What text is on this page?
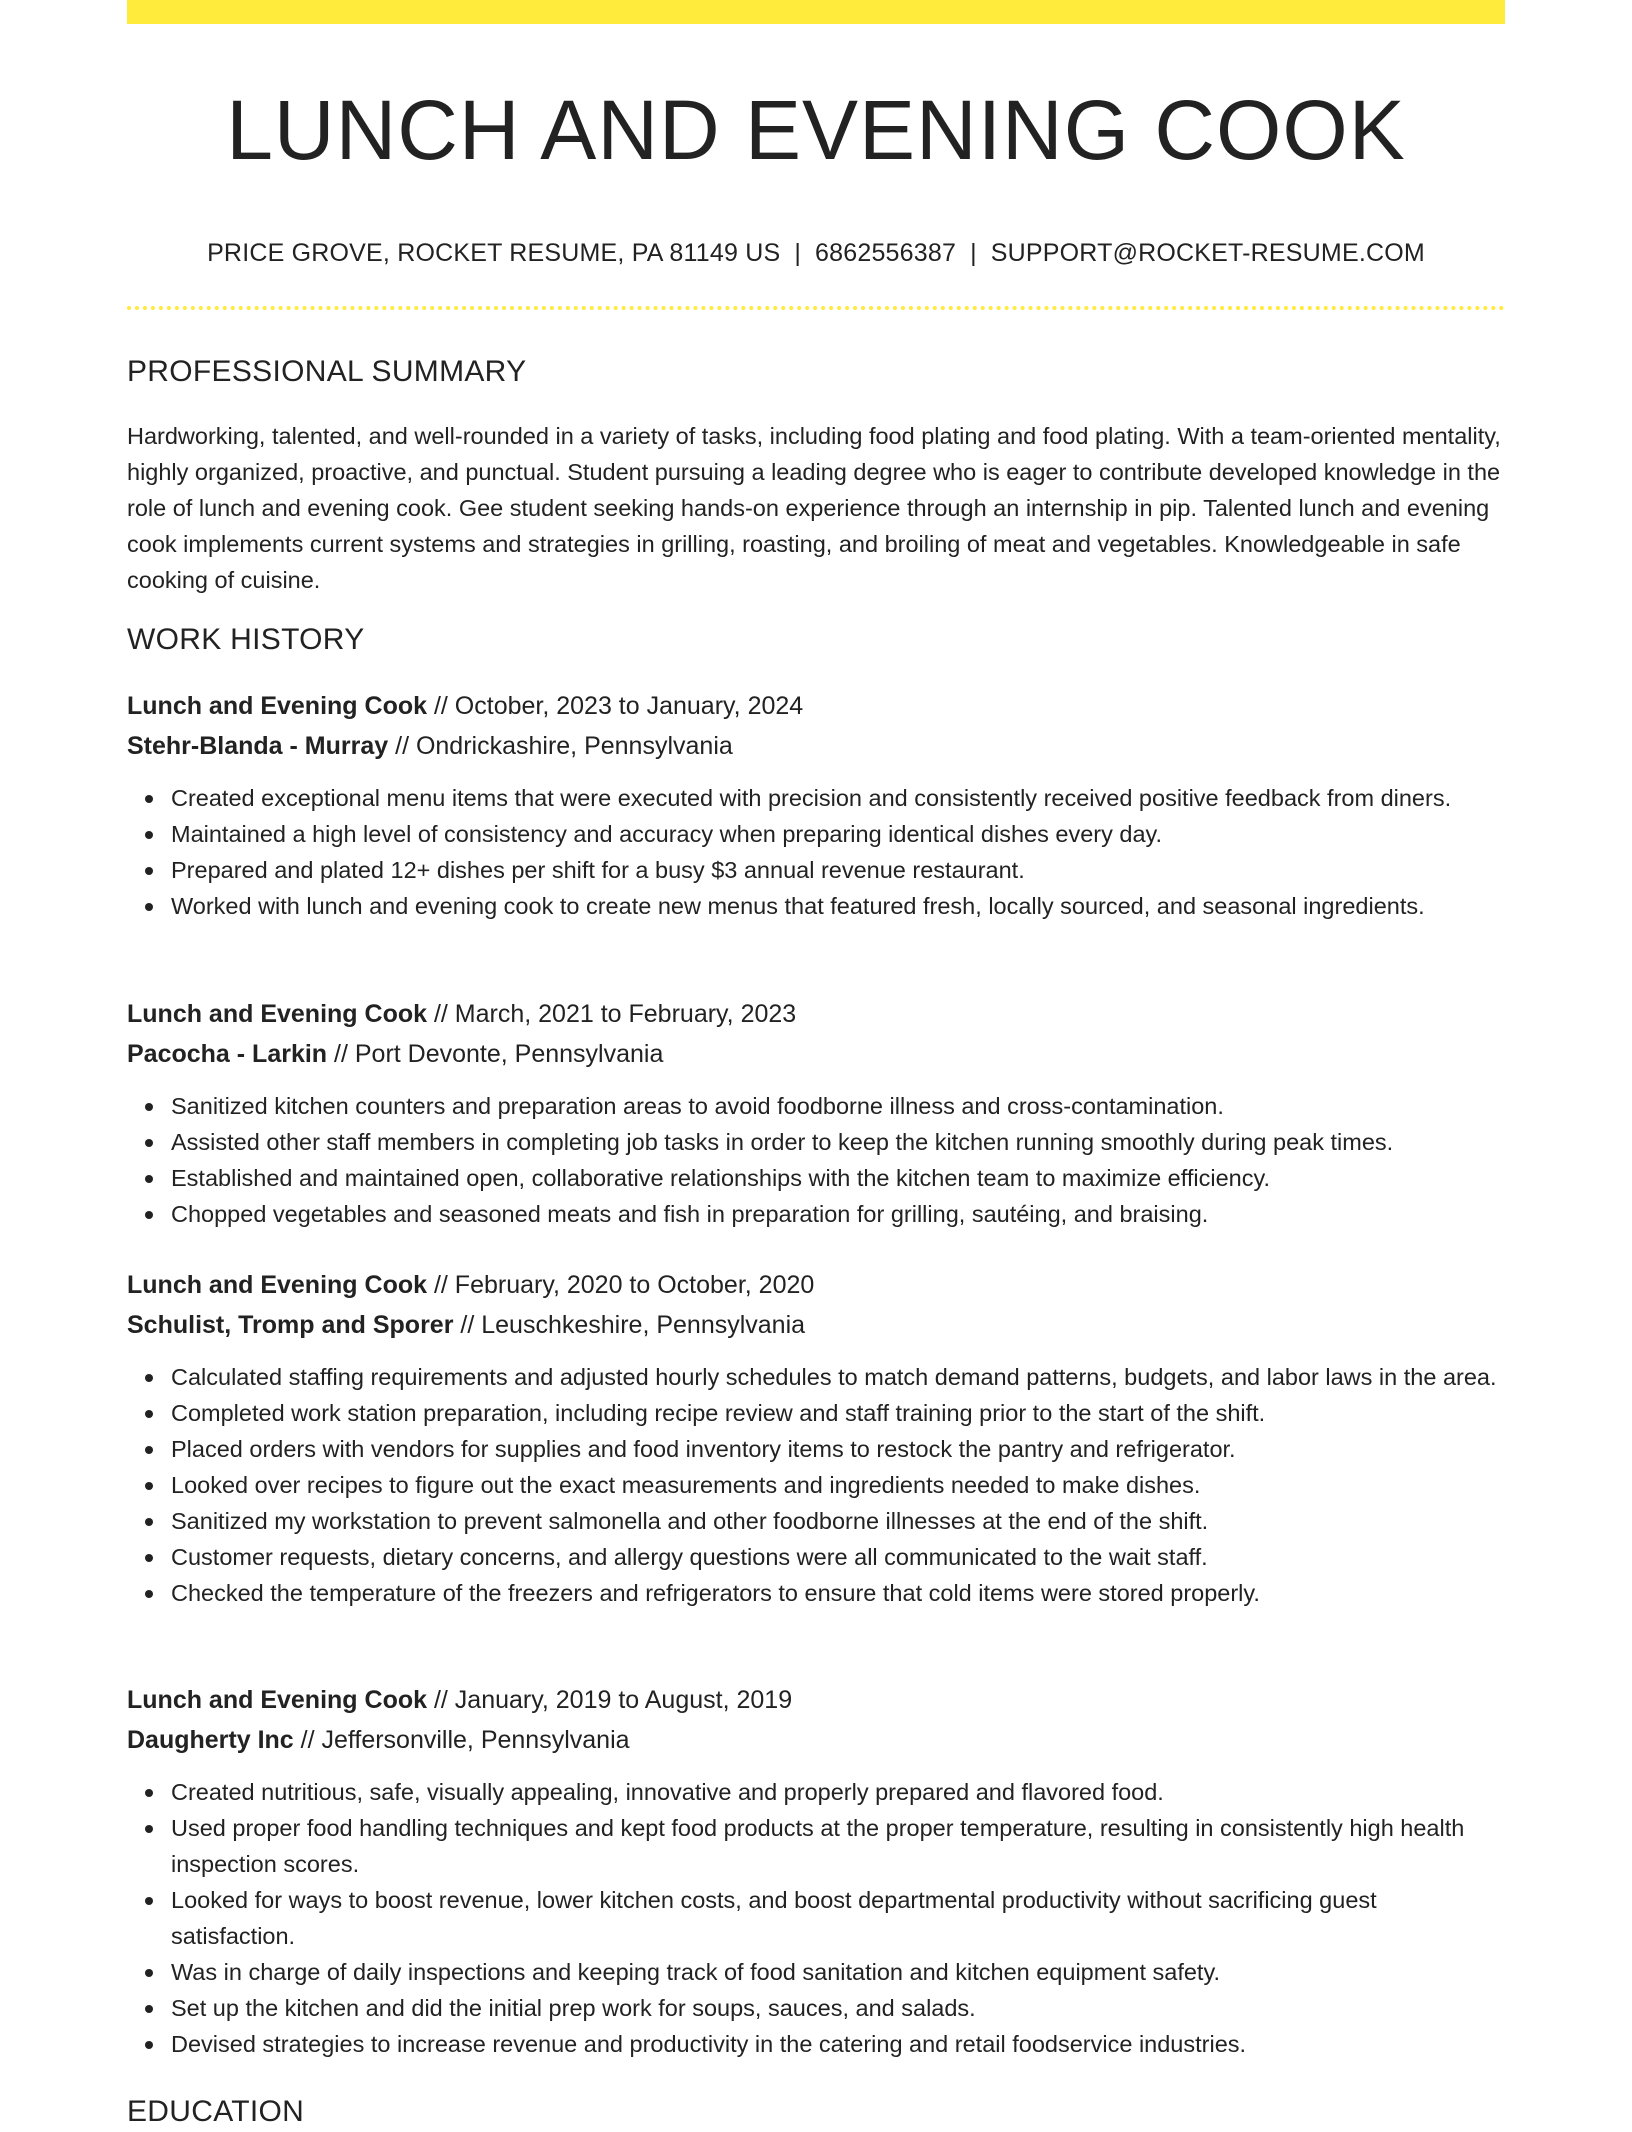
LUNCH AND EVENING COOK
PRICE GROVE, ROCKET RESUME, PA 81149 US | 6862556387 | SUPPORT@ROCKET-RESUME.COM
PROFESSIONAL SUMMARY
Hardworking, talented, and well-rounded in a variety of tasks, including food plating and food plating. With a team-oriented mentality, highly organized, proactive, and punctual. Student pursuing a leading degree who is eager to contribute developed knowledge in the role of lunch and evening cook. Gee student seeking hands-on experience through an internship in pip. Talented lunch and evening cook implements current systems and strategies in grilling, roasting, and broiling of meat and vegetables. Knowledgeable in safe cooking of cuisine.
WORK HISTORY
Lunch and Evening Cook // October, 2023 to January, 2024
Stehr-Blanda - Murray // Ondrickashire, Pennsylvania
Created exceptional menu items that were executed with precision and consistently received positive feedback from diners.
Maintained a high level of consistency and accuracy when preparing identical dishes every day.
Prepared and plated 12+ dishes per shift for a busy $3 annual revenue restaurant.
Worked with lunch and evening cook to create new menus that featured fresh, locally sourced, and seasonal ingredients.
Lunch and Evening Cook // March, 2021 to February, 2023
Pacocha - Larkin // Port Devonte, Pennsylvania
Sanitized kitchen counters and preparation areas to avoid foodborne illness and cross-contamination.
Assisted other staff members in completing job tasks in order to keep the kitchen running smoothly during peak times.
Established and maintained open, collaborative relationships with the kitchen team to maximize efficiency.
Chopped vegetables and seasoned meats and fish in preparation for grilling, sautéing, and braising.
Lunch and Evening Cook // February, 2020 to October, 2020
Schulist, Tromp and Sporer // Leuschkeshire, Pennsylvania
Calculated staffing requirements and adjusted hourly schedules to match demand patterns, budgets, and labor laws in the area.
Completed work station preparation, including recipe review and staff training prior to the start of the shift.
Placed orders with vendors for supplies and food inventory items to restock the pantry and refrigerator.
Looked over recipes to figure out the exact measurements and ingredients needed to make dishes.
Sanitized my workstation to prevent salmonella and other foodborne illnesses at the end of the shift.
Customer requests, dietary concerns, and allergy questions were all communicated to the wait staff.
Checked the temperature of the freezers and refrigerators to ensure that cold items were stored properly.
Lunch and Evening Cook // January, 2019 to August, 2019
Daugherty Inc // Jeffersonville, Pennsylvania
Created nutritious, safe, visually appealing, innovative and properly prepared and flavored food.
Used proper food handling techniques and kept food products at the proper temperature, resulting in consistently high health inspection scores.
Looked for ways to boost revenue, lower kitchen costs, and boost departmental productivity without sacrificing guest satisfaction.
Was in charge of daily inspections and keeping track of food sanitation and kitchen equipment safety.
Set up the kitchen and did the initial prep work for soups, sauces, and salads.
Devised strategies to increase revenue and productivity in the catering and retail foodservice industries.
EDUCATION
